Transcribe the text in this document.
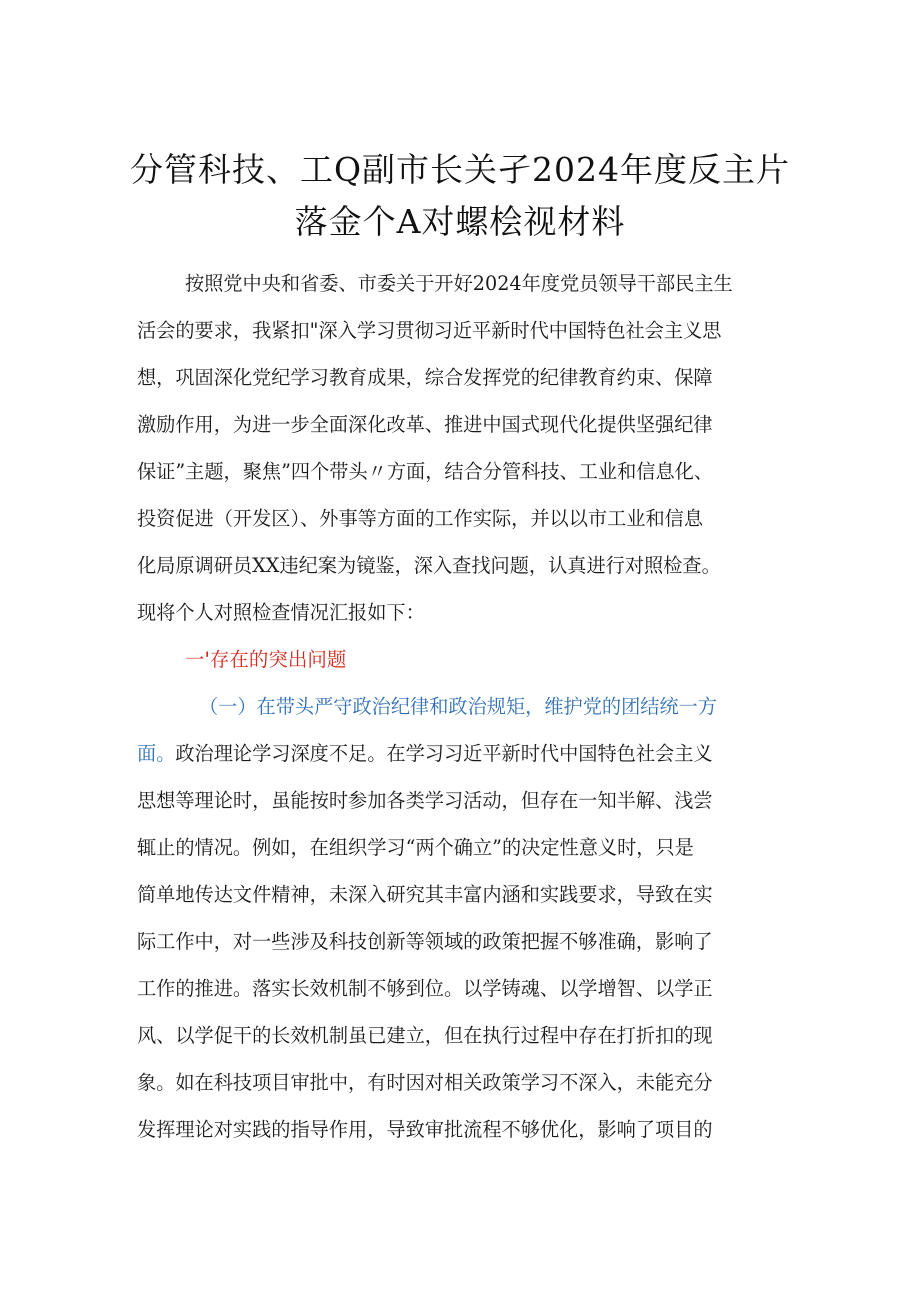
分管科技、工Q副市长关孑2024年度反主片
落金个A对螺桧视材料
按照党中央和省委、市委关于开好2024年度党员领导干部民主生
活会的要求，我紧扣"深入学习贯彻习近平新时代中国特色社会主义思
想，巩固深化党纪学习教育成果，综合发挥党的纪律教育约束、保障
激励作用，为进一步全面深化改革、推进中国式现代化提供坚强纪律
保证”主题，聚焦”四个带头〃方面，结合分管科技、工业和信息化、
投资促进（开发区）、外事等方面的工作实际，并以以市工业和信息
化局原调研员XX违纪案为镜鉴，深入查找问题，认真进行对照检查。
现将个人对照检查情况汇报如下：
一'存在的突出问题
（一）在带头严守政治纪律和政治规矩，维护党的团结统一方
面。政治理论学习深度不足。在学习习近平新时代中国特色社会主义
思想等理论时，虽能按时参加各类学习活动，但存在一知半解、浅尝
辄止的情况。例如，在组织学习“两个确立”的决定性意义时，只是
简单地传达文件精神，未深入研究其丰富内涵和实践要求，导致在实
际工作中，对一些涉及科技创新等领域的政策把握不够准确，影响了
工作的推进。落实长效机制不够到位。以学铸魂、以学增智、以学正
风、以学促干的长效机制虽已建立，但在执行过程中存在打折扣的现
象。如在科技项目审批中，有时因对相关政策学习不深入，未能充分
发挥理论对实践的指导作用，导致审批流程不够优化，影响了项目的
